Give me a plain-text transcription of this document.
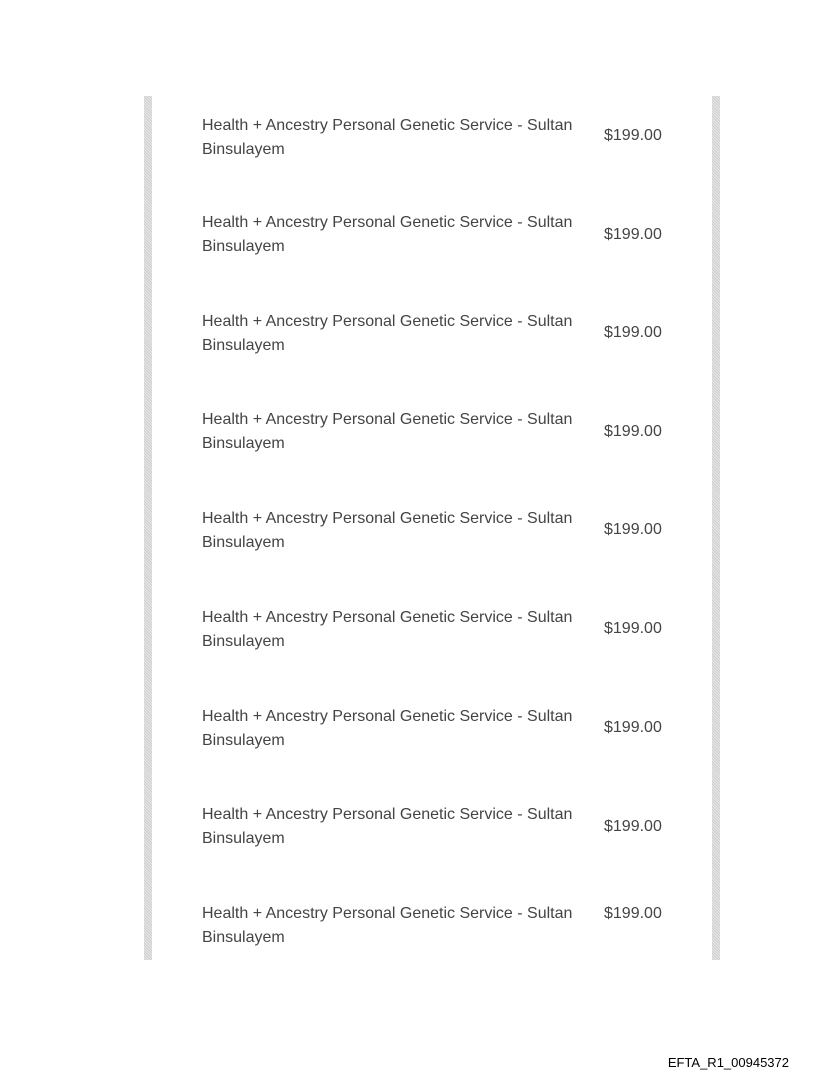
Health + Ancestry Personal Genetic Service - Sultan Binsulayem
$199.00
Health + Ancestry Personal Genetic Service - Sultan Binsulayem
$199.00
Health + Ancestry Personal Genetic Service - Sultan Binsulayem
$199.00
Health + Ancestry Personal Genetic Service - Sultan Binsulayem
$199.00
Health + Ancestry Personal Genetic Service - Sultan Binsulayem
$199.00
Health + Ancestry Personal Genetic Service - Sultan Binsulayem
$199.00
Health + Ancestry Personal Genetic Service - Sultan Binsulayem
$199.00
Health + Ancestry Personal Genetic Service - Sultan Binsulayem
$199.00
Health + Ancestry Personal Genetic Service - Sultan Binsulayem
$199.00
EFTA_R1_00945372
